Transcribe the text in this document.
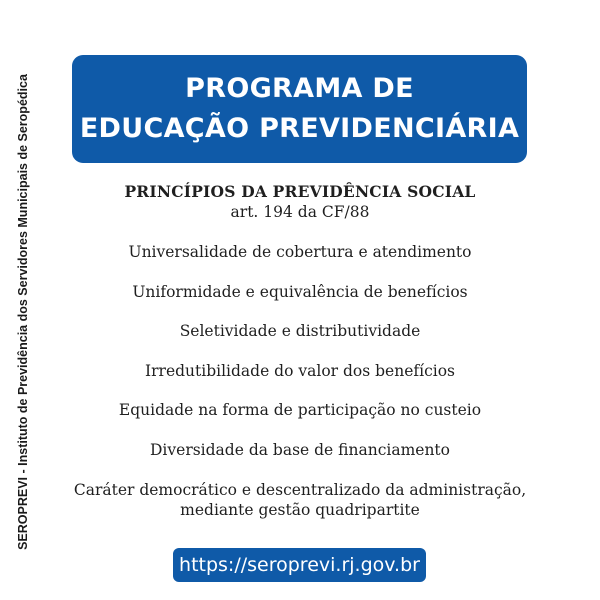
SEROPREVI - Instituto de Previdência dos Servidores Municipais de Seropédica	PROGRAMA DE
EDUCAÇÃO PREVIDENCIÁRIA
PRINCÍPIOS DA PREVIDÊNCIA SOCIAL
art. 194 da CF/88
Universalidade de cobertura e atendimento
Uniformidade e equivalência de benefícios
Seletividade e distributividade
Irredutibilidade do valor dos benefícios
Equidade na forma de participação no custeio
Diversidade da base de financiamento
Caráter democrático e descentralizado da administração,
mediante gestão quadripartite
https://seroprevi.rj.gov.br
